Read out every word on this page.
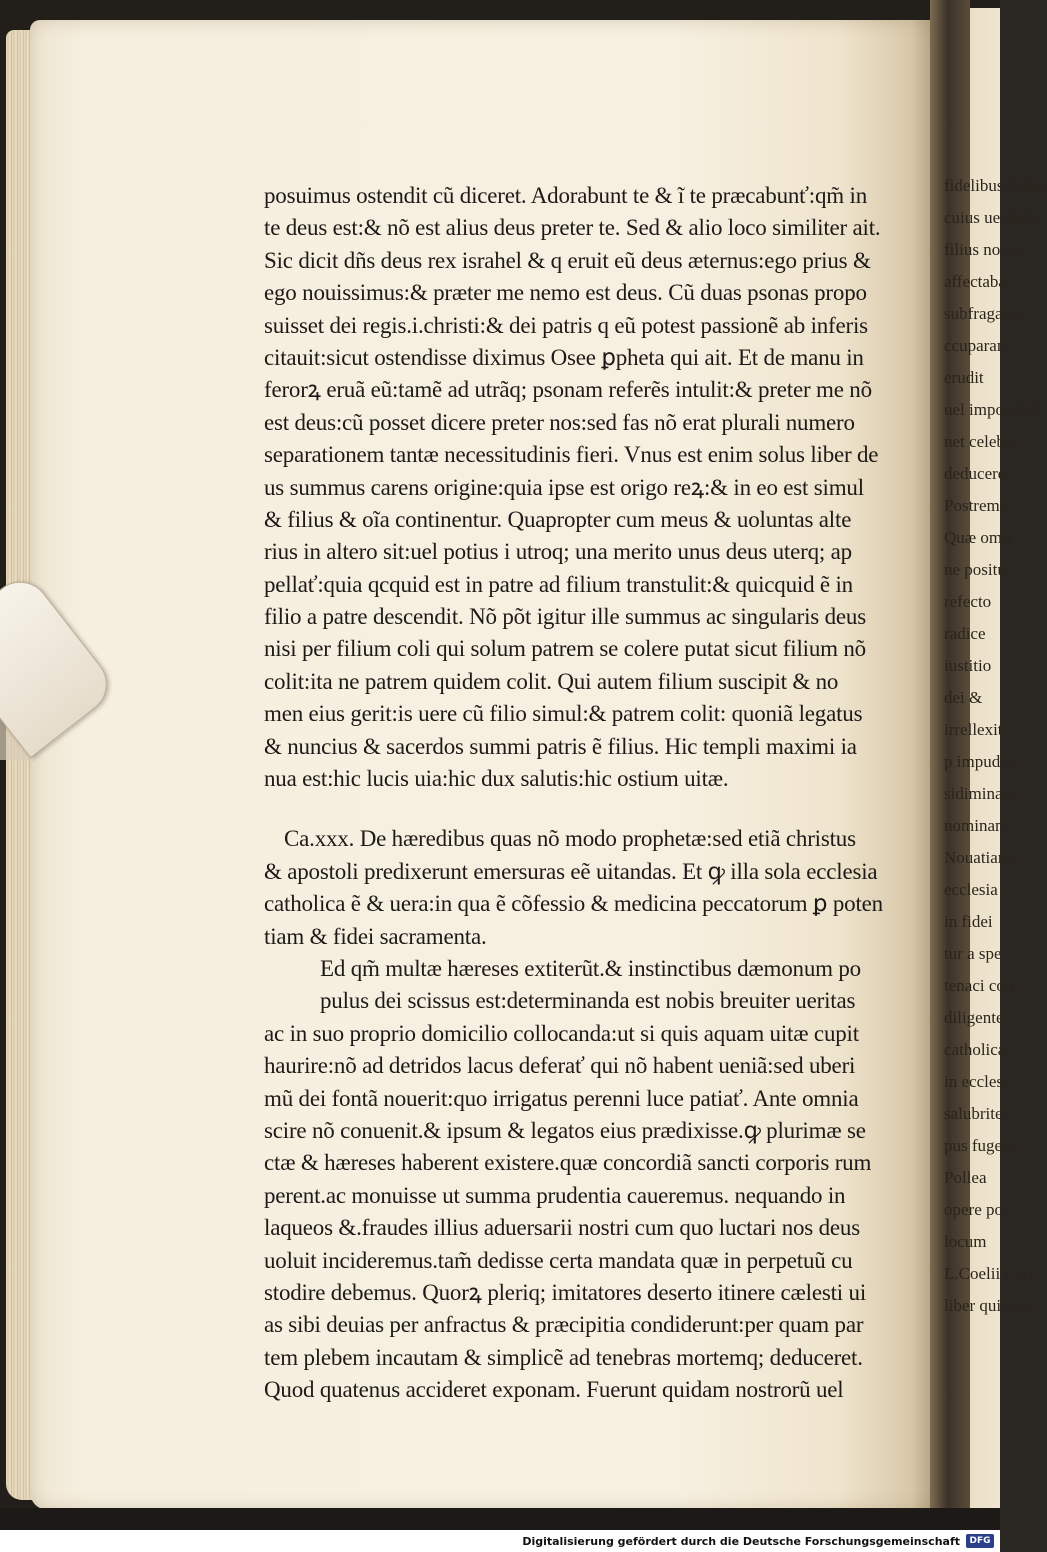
posuimus ostendit cũ diceret. Adorabunt te & ĩ te præcabunť:qm̃ in
te deus est:& nõ est alius deus preter te. Sed & alio loco similiter ait.
Sic dicit dñs deus rex israhel & q eruit eũ deus æternus:ego prius &
ego nouissimus:& præter me nemo est deus. Cũ duas psonas propo
suisset dei regis.i.christi:& dei patris q eũ potest passionẽ ab inferis
citauit:sicut ostendisse diximus Osee ꝑpheta qui ait. Et de manu in
ferorꝝ eruã eũ:tamẽ ad utrãq; psonam referẽs intulit:& preter me nõ
est deus:cũ posset dicere preter nos:sed fas nõ erat plurali numero
separationem tantæ necessitudinis fieri. Vnus est enim solus liber de
us summus carens origine:quia ipse est origo reꝝ:& in eo est simul
& filius & oĩa continentur. Quapropter cum meus & uoluntas alte
rius in altero sit:uel potius i utroq; una merito unus deus uterq; ap
pellať:quia qcquid est in patre ad filium transtulit:& quicquid ẽ in
filio a patre descendit. Nõ põt igitur ille summus ac singularis deus
nisi per filium coli qui solum patrem se colere putat sicut filium nõ
colit:ita ne patrem quidem colit. Qui autem filium suscipit & no
men eius gerit:is uere cũ filio simul:& patrem colit: quoniã legatus
& nuncius & sacerdos summi patris ẽ filius. Hic templi maximi ia
nua est:hic lucis uia:hic dux salutis:hic ostium uitæ.
Ca.xxx. De hæredibus quas nõ modo prophetæ:sed etiã christus
& apostoli predixerunt emersuras eẽ uitandas. Et ꝙ illa sola ecclesia
catholica ẽ & uera:in qua ẽ cõfessio & medicina peccatorum ꝑ poten
tiam & fidei sacramenta.
Ed qm̃ multæ hæreses extiterũt.& instinctibus dæmonum po
pulus dei scissus est:determinanda est nobis breuiter ueritas
ac in suo proprio domicilio collocanda:ut si quis aquam uitæ cupit
haurire:nõ ad detridos lacus deferať qui nõ habent ueniã:sed uberi
mũ dei fontã nouerit:quo irrigatus perenni luce patiať. Ante omnia
scire nõ conuenit.& ipsum & legatos eius prædixisse.ꝙ plurimæ se
ctæ & hæreses haberent existere.quæ concordiã sancti corporis rum
perent.ac monuisse ut summa prudentia caueremus. nequando in
laqueos &.fraudes illius aduersarii nostri cum quo luctari nos deus
uoluit incideremus.tam̃ dedisse certa mandata quæ in perpetuũ cu
stodire debemus. Quorꝝ pleriq; imitatores deserto itinere cælesti ui
as sibi deuias per anfractus & præcipitia condiderunt:per quam par
tem plebem incautam & simplicẽ ad tenebras mortemq; deduceret.
Quod quatenus accideret exponam. Fuerunt quidam nostrorũ uel
fidelibus fidem
cuius ueritatis
filius nosce
affectaba
subfragator
ccuparam
erudit
uel impossibil
net celeber
deducere
Postremo
Quæ omn
ne positur
refecto
radice
iustitio
dei &
irrellexit
p impuden
sidiminare
nominant
Nouatiana
ecclesia
in fidei
tur a spe
tenaci con
diligente
catholica
in ecclesi
salubriter
pus fugere
Pollea
opere po
locum
L.Coelii Lact
liber quintus
Digitalisierung gefördert durch die Deutsche Forschungsgemeinschaft	DFG
